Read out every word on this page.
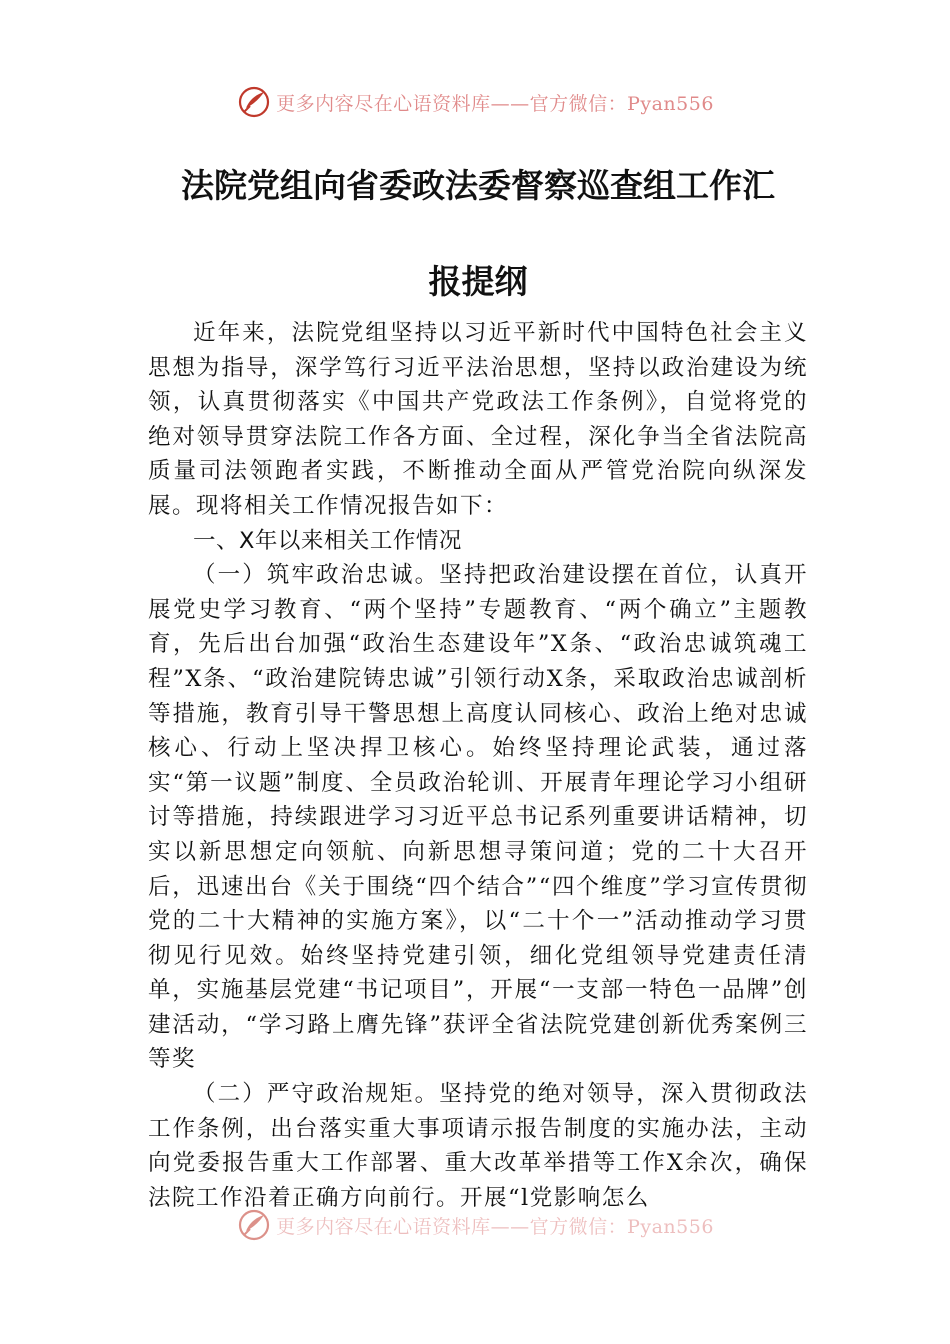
更多内容尽在心语资料库——官方微信：Pyan556
法院党组向省委政法委督察巡查组工作汇
报提纲

近年来，法院党组坚持以习近平新时代中国特色社会主义思想为指导，深学笃行习近平法治思想，坚持以政治建设为统领，认真贯彻落实《中国共产党政法工作条例》，自觉将党的绝对领导贯穿法院工作各方面、全过程，深化争当全省法院高质量司法领跑者实践，不断推动全面从严管党治院向纵深发展。现将相关工作情况报告如下：

一、X年以来相关工作情况

（一）筑牢政治忠诚。坚持把政治建设摆在首位，认真开展党史学习教育、“两个坚持”专题教育、“两个确立”主题教育，先后出台加强“政治生态建设年”X条、“政治忠诚筑魂工程”X条、“政治建院铸忠诚”引领行动X条，采取政治忠诚剖析等措施，教育引导干警思想上高度认同核心、政治上绝对忠诚核心、行动上坚决捍卫核心。始终坚持理论武装，通过落实“第一议题”制度、全员政治轮训、开展青年理论学习小组研讨等措施，持续跟进学习习近平总书记系列重要讲话精神，切实以新思想定向领航、向新思想寻策问道；党的二十大召开后，迅速出台《关于围绕“四个结合”“四个维度”学习宣传贯彻党的二十大精神的实施方案》，以“二十个一”活动推动学习贯彻见行见效。始终坚持党建引领，细化党组领导党建责任清单，实施基层党建“书记项目”，开展“一支部一特色一品牌”创建活动，“学习路上膺先锋”获评全省法院党建创新优秀案例三等奖

（二）严守政治规矩。坚持党的绝对领导，深入贯彻政法工作条例，出台落实重大事项请示报告制度的实施办法，主动向党委报告重大工作部署、重大改革举措等工作X余次，确保法院工作沿着正确方向前行。开展“l党影响怎么

更多内容尽在心语资料库——官方微信：Pyan556
